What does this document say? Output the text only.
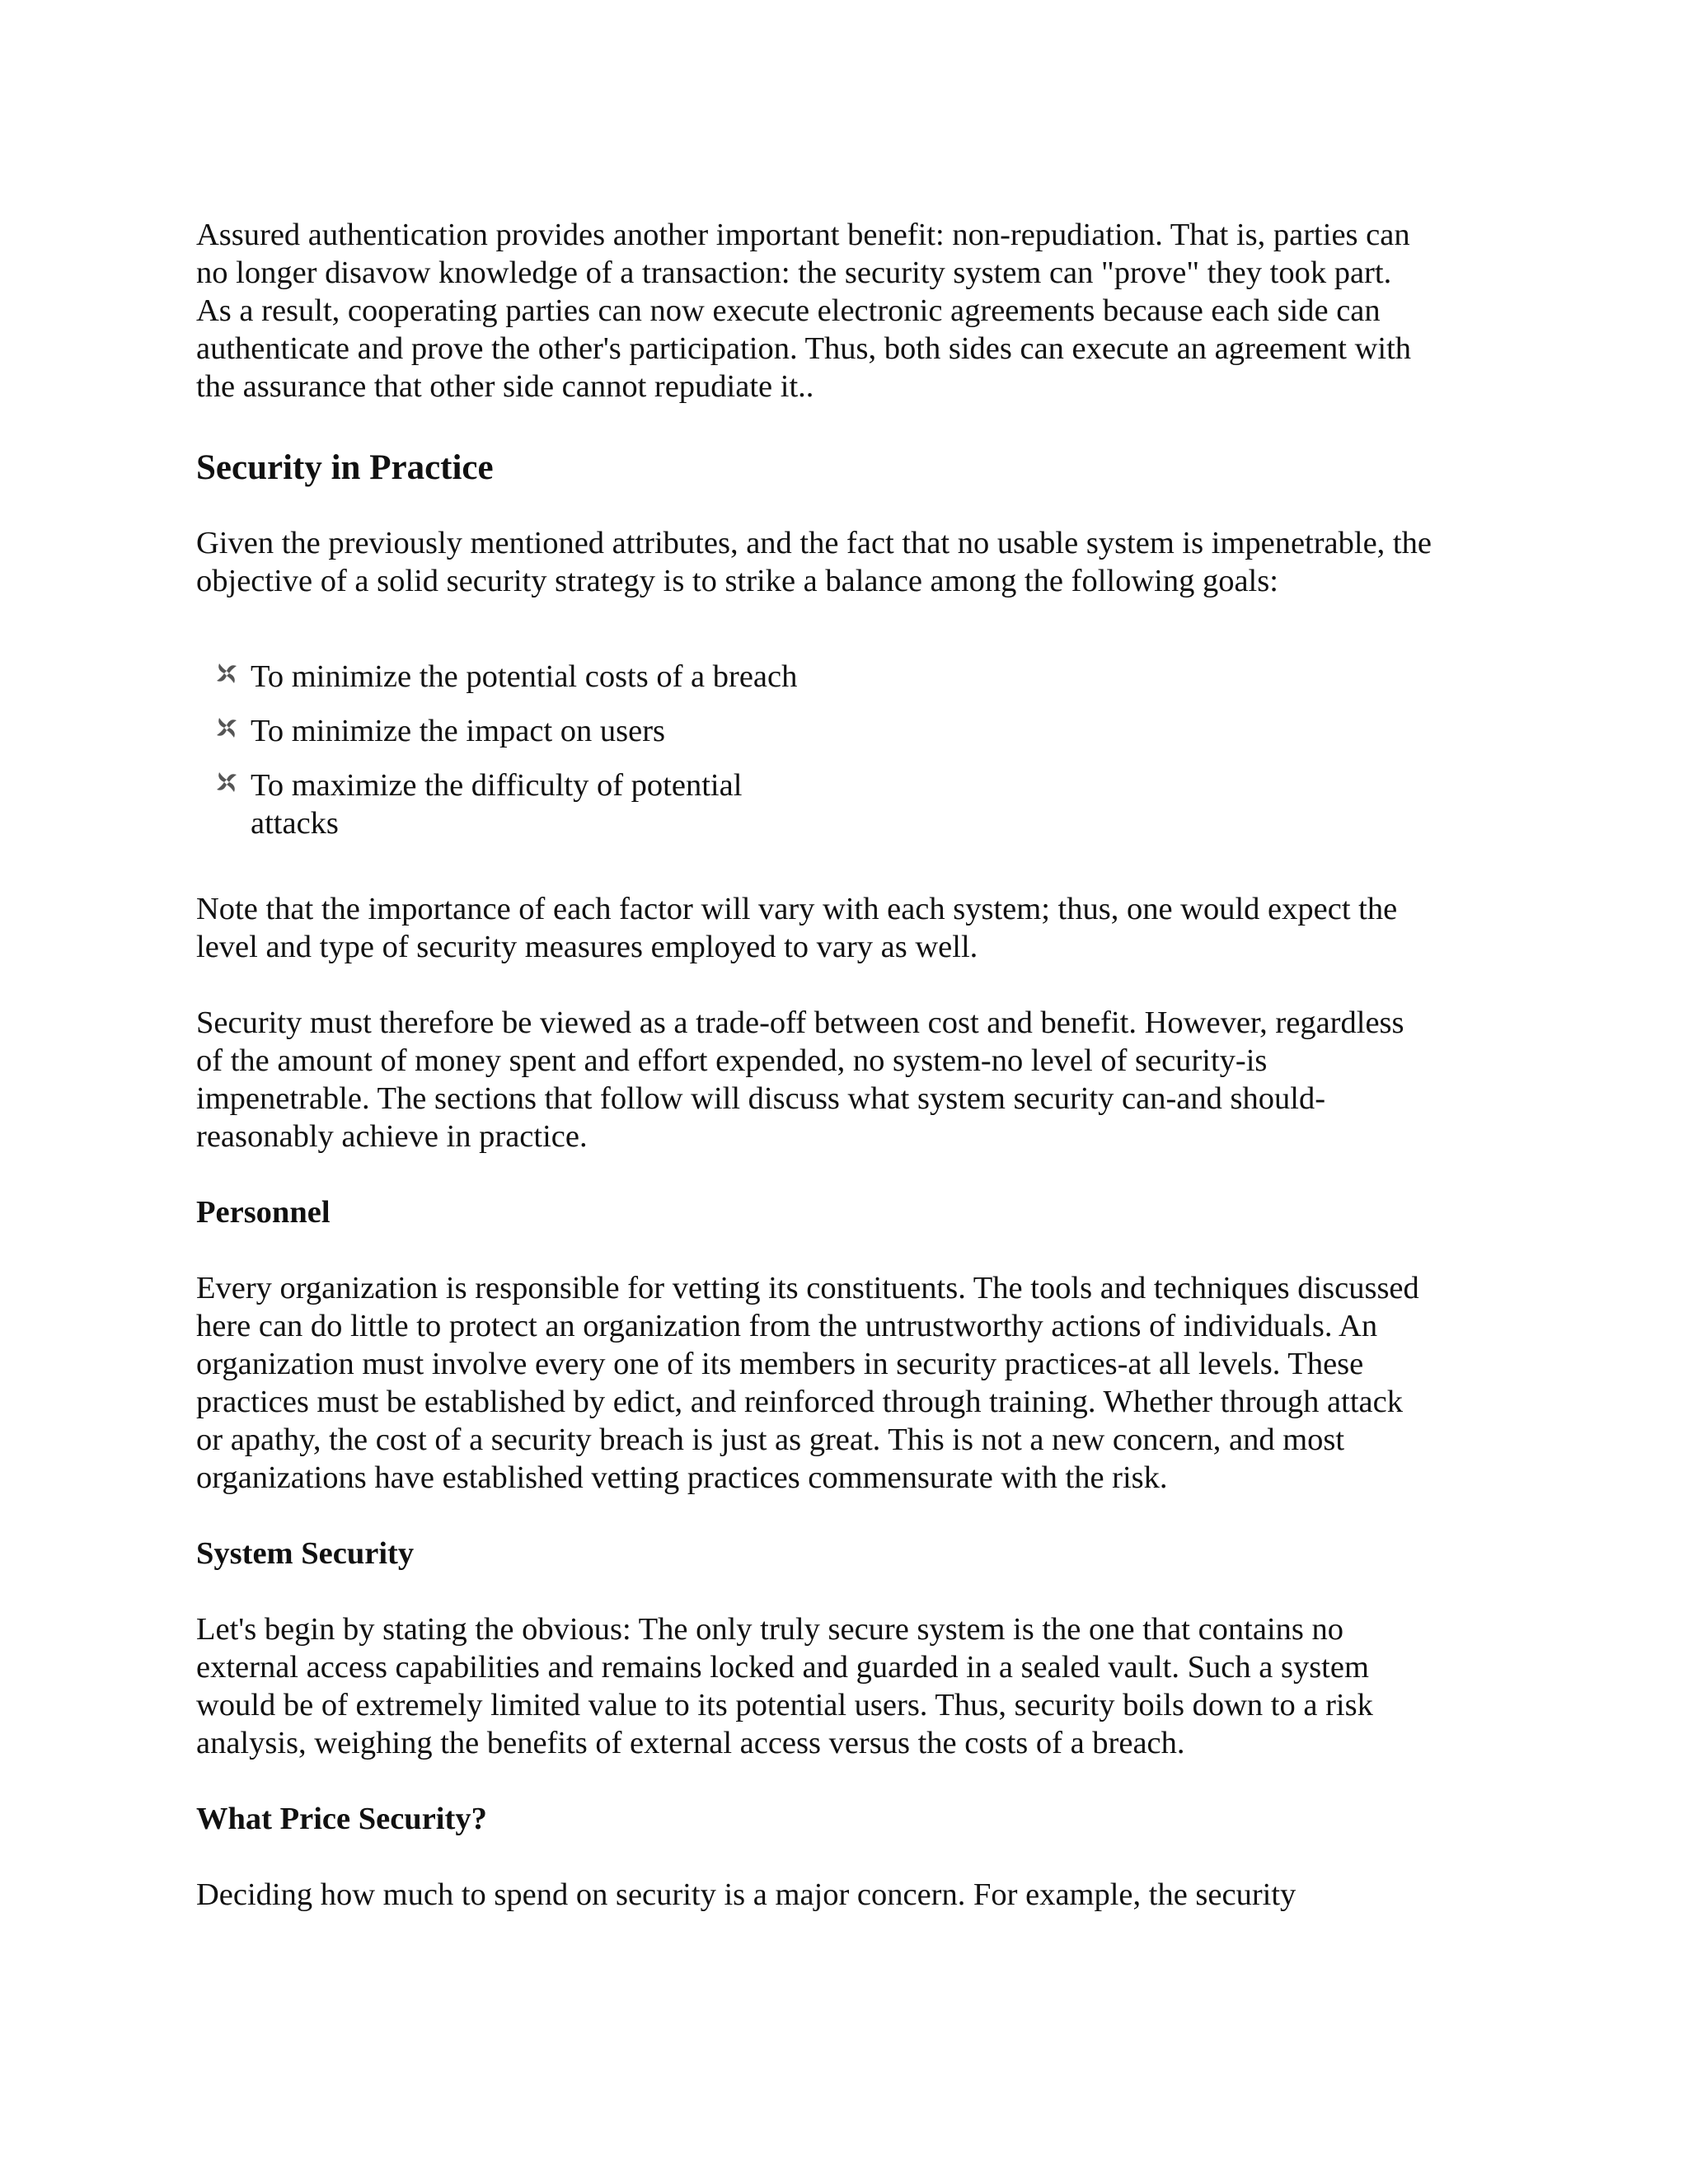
Assured authentication provides another important benefit: non-repudiation. That is, parties can
no longer disavow knowledge of a transaction: the security system can "prove" they took part.
As a result, cooperating parties can now execute electronic agreements because each side can
authenticate and prove the other's participation. Thus, both sides can execute an agreement with
the assurance that other side cannot repudiate it..

Security in Practice

Given the previously mentioned attributes, and the fact that no usable system is impenetrable, the
objective of a solid security strategy is to strike a balance among the following goals:

To minimize the potential costs of a breach
To minimize the impact on users
To maximize the difficulty of potential
attacks

Note that the importance of each factor will vary with each system; thus, one would expect the
level and type of security measures employed to vary as well.

Security must therefore be viewed as a trade-off between cost and benefit. However, regardless
of the amount of money spent and effort expended, no system-no level of security-is
impenetrable. The sections that follow will discuss what system security can-and should-
reasonably achieve in practice.

Personnel

Every organization is responsible for vetting its constituents. The tools and techniques discussed
here can do little to protect an organization from the untrustworthy actions of individuals. An
organization must involve every one of its members in security practices-at all levels. These
practices must be established by edict, and reinforced through training. Whether through attack
or apathy, the cost of a security breach is just as great. This is not a new concern, and most
organizations have established vetting practices commensurate with the risk.

System Security

Let's begin by stating the obvious: The only truly secure system is the one that contains no
external access capabilities and remains locked and guarded in a sealed vault. Such a system
would be of extremely limited value to its potential users. Thus, security boils down to a risk
analysis, weighing the benefits of external access versus the costs of a breach.

What Price Security?

Deciding how much to spend on security is a major concern. For example, the security
